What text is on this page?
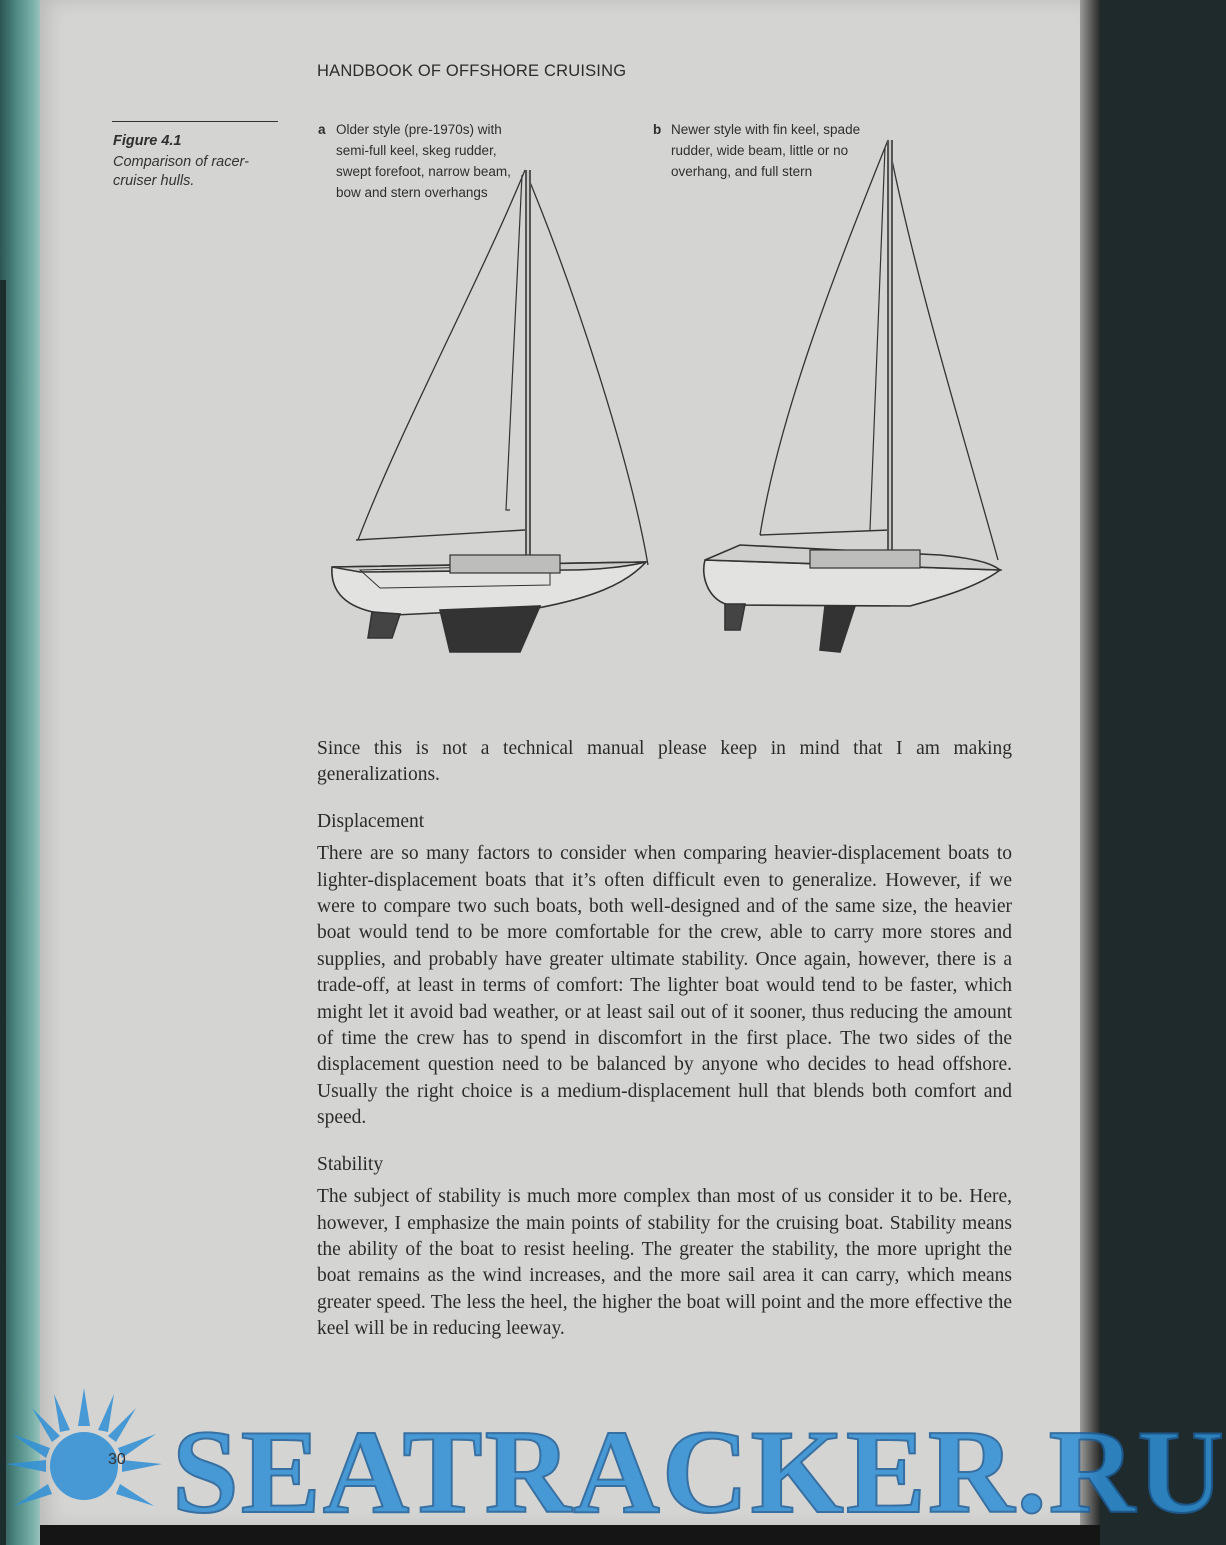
HANDBOOK OF OFFSHORE CRUISING
Figure 4.1
Comparison of racer-cruiser hulls.
a Older style (pre-1970s) with semi-full keel, skeg rudder, swept forefoot, narrow beam, bow and stern overhangs
b Newer style with fin keel, spade rudder, wide beam, little or no overhang, and full stern

Since this is not a technical manual please keep in mind that I am making generalizations.

Displacement

There are so many factors to consider when comparing heavier-displacement boats to lighter-displacement boats that it’s often difficult even to generalize. However, if we were to compare two such boats, both well-designed and of the same size, the heavier boat would tend to be more comfortable for the crew, able to carry more stores and supplies, and probably have greater ultimate stability. Once again, however, there is a trade-off, at least in terms of comfort: The lighter boat would tend to be faster, which might let it avoid bad weather, or at least sail out of it sooner, thus reducing the amount of time the crew has to spend in discomfort in the first place. The two sides of the displacement question need to be balanced by anyone who decides to head offshore. Usually the right choice is a medium-displacement hull that blends both comfort and speed.

Stability

The subject of stability is much more complex than most of us consider it to be. Here, however, I emphasize the main points of stability for the cruising boat. Stability means the ability of the boat to resist heeling. The greater the stability, the more upright the boat remains as the wind increases, and the more sail area it can carry, which means greater speed. The less the heel, the higher the boat will point and the more effective the keel will be in reducing leeway.

30 SEATRACKER.RU
